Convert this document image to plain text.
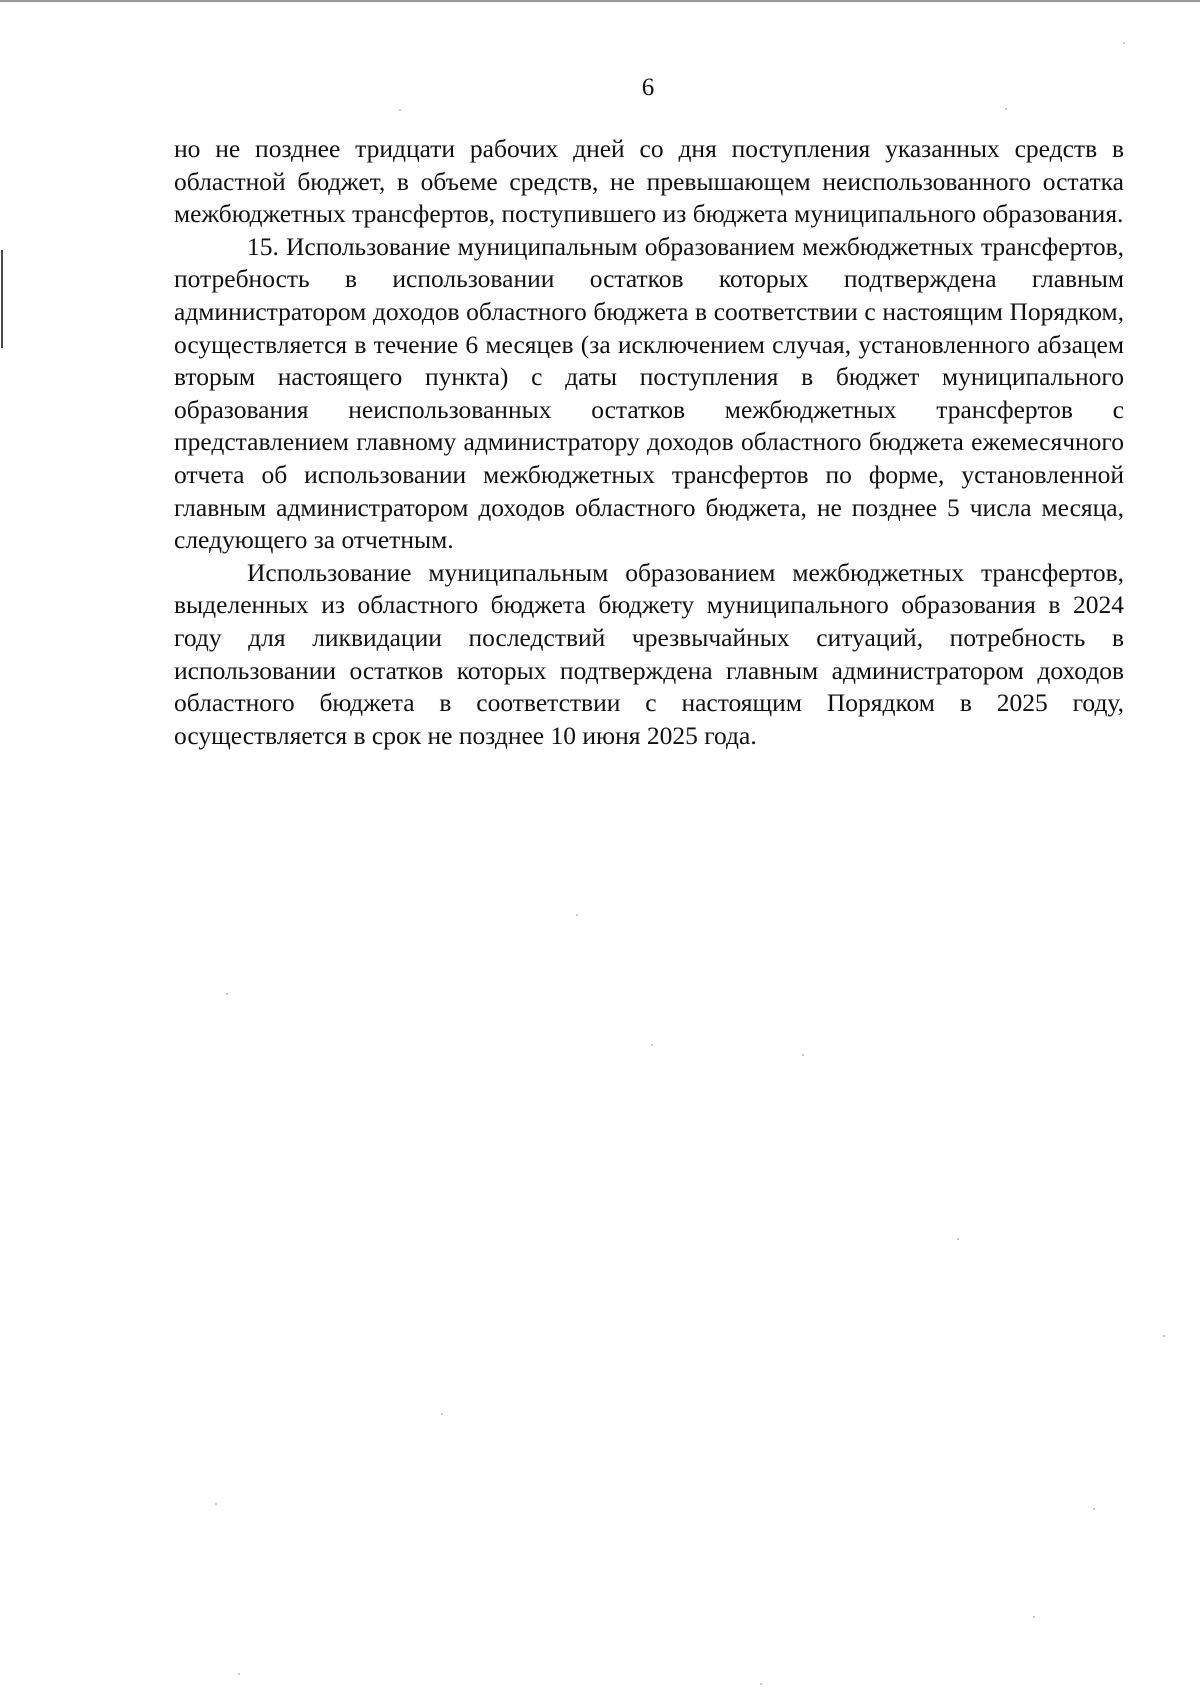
6

но не позднее тридцати рабочих дней со дня поступления указанных средств в областной бюджет, в объеме средств, не превышающем неиспользованного остатка межбюджетных трансфертов, поступившего из бюджета муниципального образования.

15. Использование муниципальным образованием межбюджетных трансфертов, потребность в использовании остатков которых подтверждена главным администратором доходов областного бюджета в соответствии с настоящим Порядком, осуществляется в течение 6 месяцев (за исключением случая, установленного абзацем вторым настоящего пункта) с даты поступления в бюджет муниципального образования неиспользованных остатков межбюджетных трансфертов с представлением главному администратору доходов областного бюджета ежемесячного отчета об использовании межбюджетных трансфертов по форме, установленной главным администратором доходов областного бюджета, не позднее 5 числа месяца, следующего за отчетным.

Использование муниципальным образованием межбюджетных трансфертов, выделенных из областного бюджета бюджету муниципального образования в 2024 году для ликвидации последствий чрезвычайных ситуаций, потребность в использовании остатков которых подтверждена главным администратором доходов областного бюджета в соответствии с настоящим Порядком в 2025 году, осуществляется в срок не позднее 10 июня 2025 года.
